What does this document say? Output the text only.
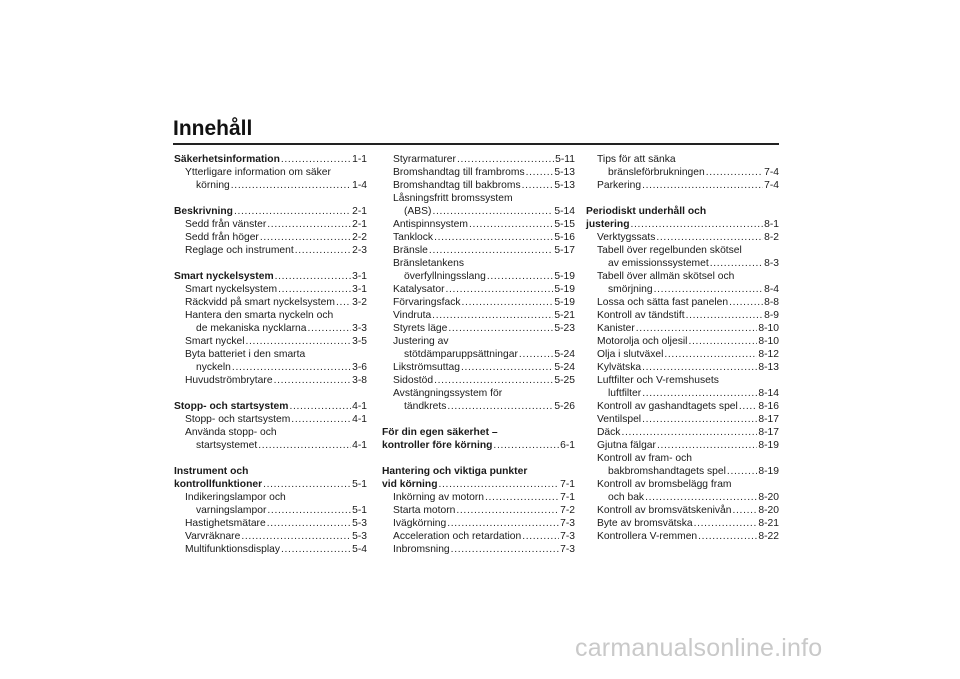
Innehåll
Säkerhetsinformation . . .	1-1
Ytterligare information om säker
körning . . .	1-4
Beskrivning . . .	2-1
Sedd från vänster . . .	2-1
Sedd från höger . . .	2-2
Reglage och instrument . . .	2-3
Smart nyckelsystem . . .	3-1
Smart nyckelsystem . . .	3-1
Räckvidd på smart nyckelsystem . . . 3-2
Hantera den smarta nyckeln och
de mekaniska nycklarna . . .	3-3
Smart nyckel . . .	3-5
Byta batteriet i den smarta
nyckeln . . .	3-6
Huvudströmbrytare . . .	3-8
Stopp- och startsystem . . .	4-1
Stopp- och startsystem . . .	4-1
Använda stopp- och
startsystemet . . .	4-1
Instrument och
kontrollfunktioner . . .	5-1
Indikeringslampor och
varningslampor . . .	5-1
Hastighetsmätare . . .	5-3
Varvräknare . . .	5-3
Multifunktionsdisplay . . .	5-4
Styrarmaturer . . .	5-11
Bromshandtag till frambroms . . .	5-13
Bromshandtag till bakbroms . . .	5-13
Låsningsfritt bromssystem
(ABS) . . .	5-14
Antispinnsystem . . .	5-15
Tanklock . . .	5-16
Bränsle . . .	5-17
Bränsletankens
överfyllningsslang . . .	5-19
Katalysator . . .	5-19
Förvaringsfack . . .	5-19
Vindruta . . .	5-21
Styrets läge . . .	5-23
Justering av
stötdämparuppsättningar . . .	5-24
Likströmsuttag . . .	5-24
Sidostöd . . .	5-25
Avstängningssystem för
tändkrets . . .	5-26
För din egen säkerhet –
kontroller före körning . . .	6-1
Hantering och viktiga punkter
vid körning . . .	7-1
Inkörning av motorn . . .	7-1
Starta motorn . . .	7-2
Ivägkörning . . .	7-3
Acceleration och retardation . . .	7-3
Inbromsning . . .	7-3
Tips för att sänka
bränsleförbrukningen . . .	7-4
Parkering . . .	7-4
Periodiskt underhåll och
justering . . .	8-1
Verktygssats . . .	8-2
Tabell över regelbunden skötsel
av emissionssystemet . . .	8-3
Tabell över allmän skötsel och
smörjning . . .	8-4
Lossa och sätta fast panelen . . .	8-8
Kontroll av tändstift . . .	8-9
Kanister . . .	8-10
Motorolja och oljesil . . .	8-10
Olja i slutväxel . . .	8-12
Kylvätska . . .	8-13
Luftfilter och V-remshusets
luftfilter . . .	8-14
Kontroll av gashandtagets spel . . . 8-16
Ventilspel . . .	8-17
Däck . . .	8-17
Gjutna fälgar . . .	8-19
Kontroll av fram- och
bakbromshandtagets spel . . .	8-19
Kontroll av bromsbelägg fram
och bak . . .	8-20
Kontroll av bromsvätskenivån . . .	8-20
Byte av bromsvätska . . .	8-21
Kontrollera V-remmen . . .	8-22
carmanualsonline.info
